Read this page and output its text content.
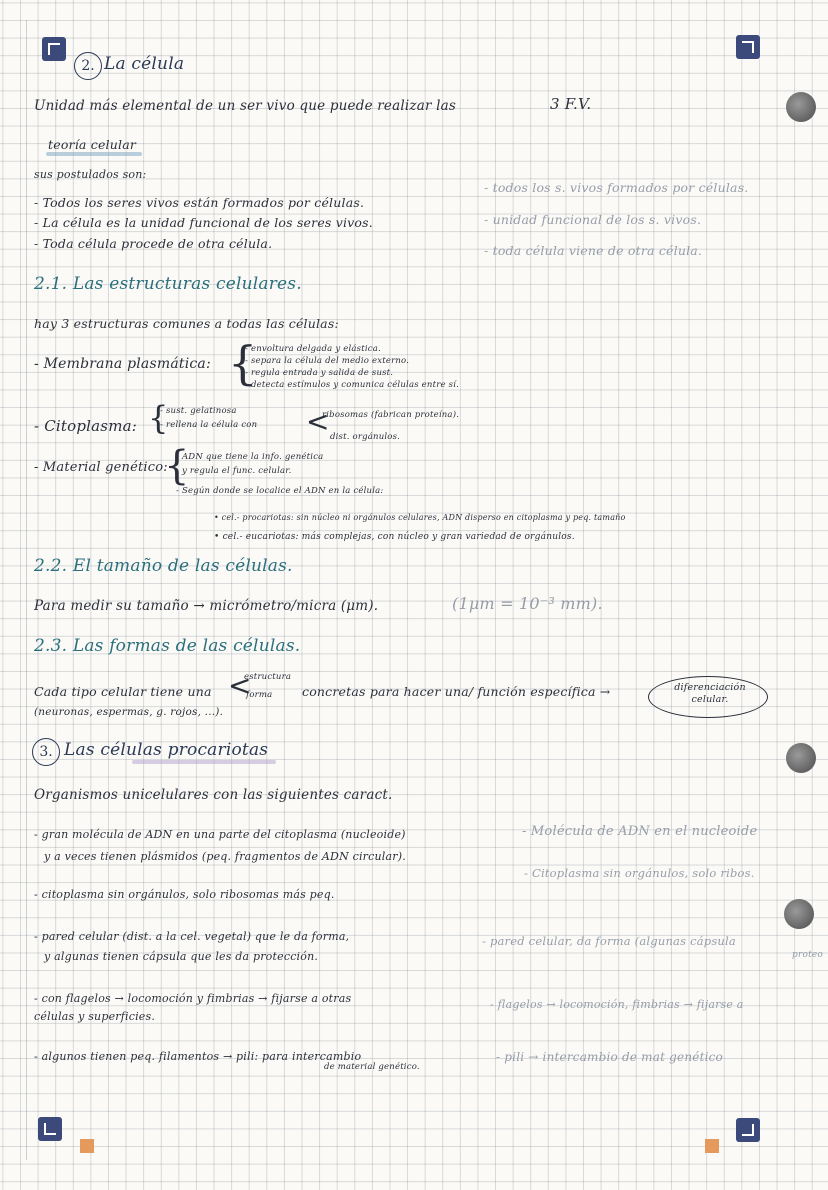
2. La célula
Unidad más elemental de un ser vivo que puede realizar las	3 F.V.
teoría celular
sus postulados son:
- Todos los seres vivos están formados por células.
- La célula es la unidad funcional de los seres vivos.
- Toda célula procede de otra célula.
- todos los s. vivos formados por células.
- unidad funcional de los s. vivos.
- toda célula viene de otra célula.
2.1. Las estructuras celulares.
hay 3 estructuras comunes a todas las células:
- Membrana plasmática: {
- envoltura delgada y elástica.
- separa la célula del medio externo.
- regula entrada y salida de sust.
- detecta estímulos y comunica células entre sí.
- Citoplasma: {
- sust. gelatinosa
- rellena la célula con <
ribosomas (fabrican proteína).
dist. orgánulos.
- Material genético:
{
- ADN que tiene la info. genética
y regula el func. celular.
- Según donde se localice el ADN en la célula:
• cel.- procariotas: sin núcleo ni orgánulos celulares, ADN disperso en citoplasma y peq. tamaño
• cel.- eucariotas: más complejas, con núcleo y gran variedad de orgánulos.
2.2. El tamaño de las células.
Para medir su tamaño → micrómetro/micra (μm).	(1μm = 10⁻³ mm).
2.3. Las formas de las células.
Cada tipo celular tiene una <
estructura
forma concretas para hacer una/ función específica →	diferenciación celular.
(neuronas, espermas, g. rojos, ...).
3. Las células procariotas
Organismos unicelulares con las siguientes caract.
- gran molécula de ADN en una parte del citoplasma (nucleoide)
y a veces tienen plásmidos (peq. fragmentos de ADN circular).
- citoplasma sin orgánulos, solo ribosomas más peq.
- pared celular (dist. a la cel. vegetal) que le da forma,
y algunas tienen cápsula que les da protección.
- con flagelos → locomoción y fimbrias → fijarse a otras
células y superficies.
- algunos tienen peq. filamentos → pili: para intercambio
de material genético.
- Molécula de ADN en el nucleoide
- Citoplasma sin orgánulos, solo ribos.
- pared celular, da forma (algunas cápsula
proteo
- flagelos → locomoción, fimbrias → fijarse a
- pili → intercambio de mat genético
